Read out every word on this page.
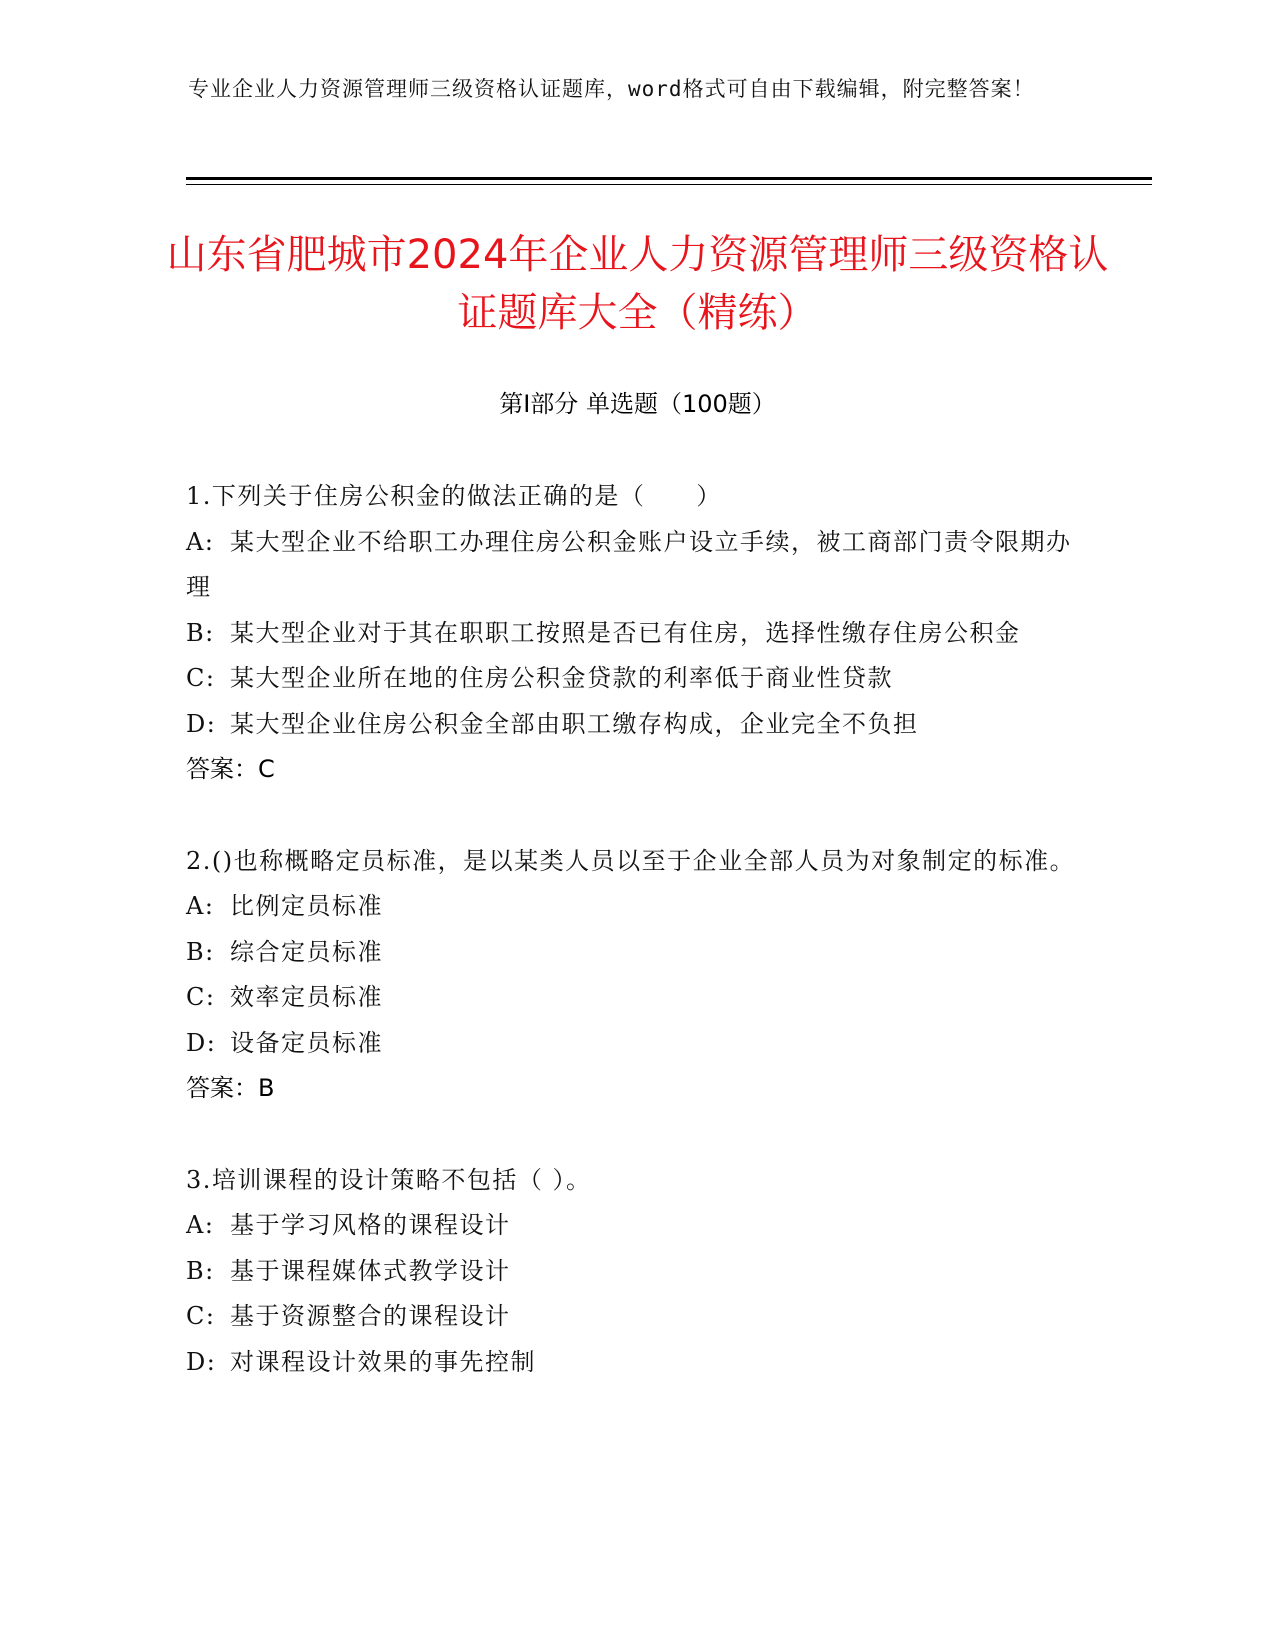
专业企业人力资源管理师三级资格认证题库，word格式可自由下载编辑，附完整答案！
山东省肥城市2024年企业人力资源管理师三级资格认证题库大全（精练）
第I部分 单选题（100题）
1.下列关于住房公积金的做法正确的是（　　）
A: 某大型企业不给职工办理住房公积金账户设立手续，被工商部门责令限期办理
B: 某大型企业对于其在职职工按照是否已有住房，选择性缴存住房公积金
C: 某大型企业所在地的住房公积金贷款的利率低于商业性贷款
D: 某大型企业住房公积金全部由职工缴存构成，企业完全不负担
答案：C
2.()也称概略定员标准，是以某类人员以至于企业全部人员为对象制定的标准。
A: 比例定员标准
B: 综合定员标准
C: 效率定员标准
D: 设备定员标准
答案：B
3.培训课程的设计策略不包括（ ）。
A: 基于学习风格的课程设计
B: 基于课程媒体式教学设计
C: 基于资源整合的课程设计
D: 对课程设计效果的事先控制
